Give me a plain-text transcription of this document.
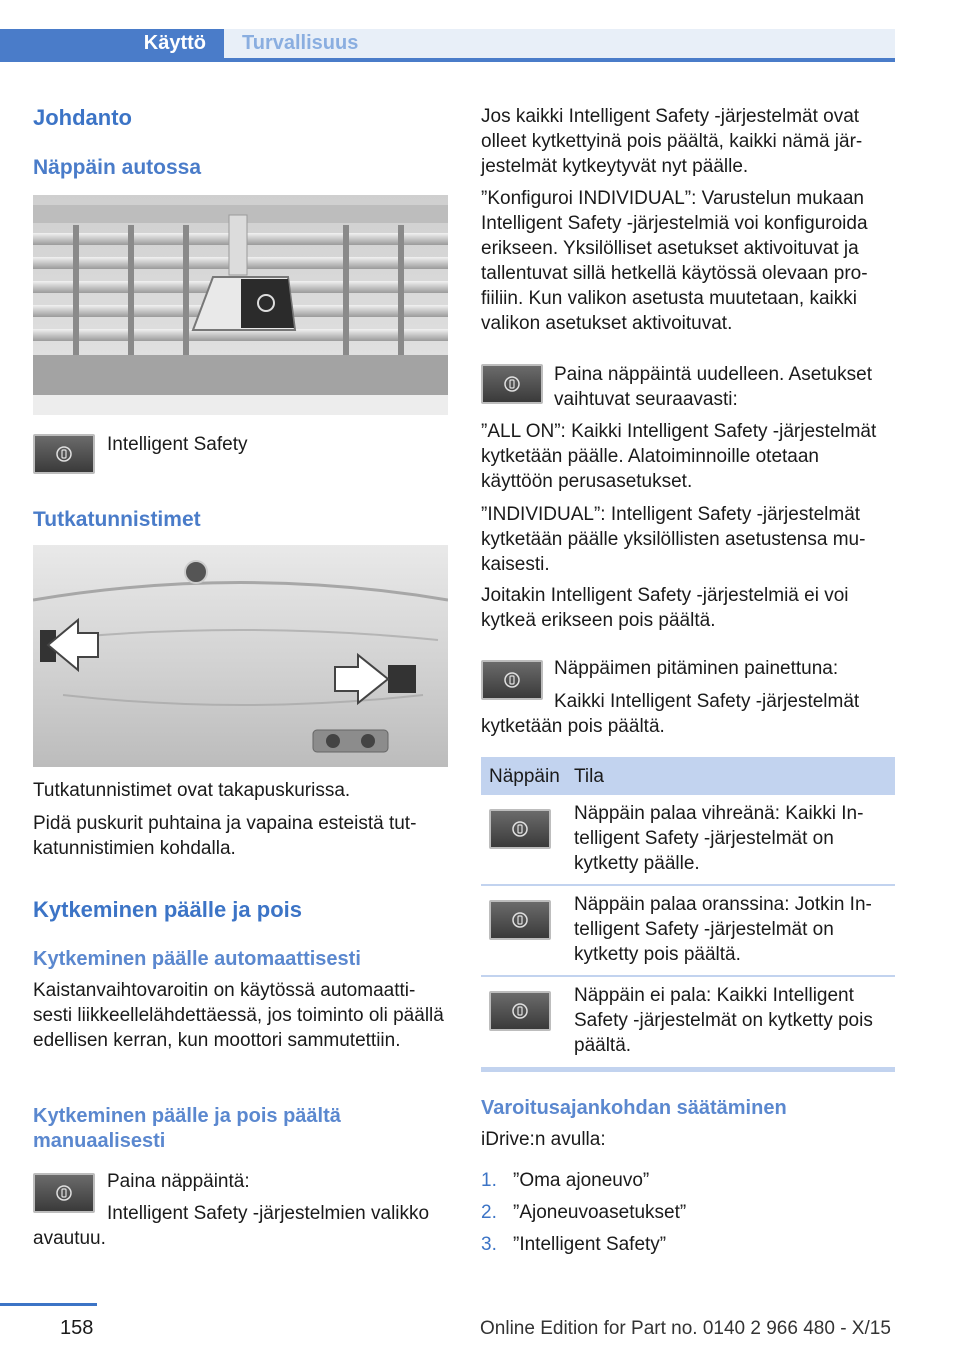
Käyttö	Turvallisuus
Johdanto
Näppäin autossa
Intelligent Safety
Tutkatunnistimet

Tutkatunnistimet ovat takapuskurissa.

Pidä puskurit puhtaina ja vapaina esteistä tutkatunnistimien kohdalla.

Kytkeminen päälle ja pois
Kytkeminen päälle automaattisesti

Kaistanvaihtovaroitin on käytössä automaattisesti liikkeellelähdettäessä, jos toiminto oli päällä edellisen kerran, kun moottori sammutettiin.

Kytkeminen päälle ja pois päältä manuaalisesti

Paina näppäintä:

Intelligent Safety -järjestelmien valikko avautuu.

Jos kaikki Intelligent Safety -järjestelmät ovat olleet kytkettyinä pois päältä, kaikki nämä järjestelmät kytkeytyvät nyt päälle.

”Konfiguroi INDIVIDUAL”: Varustelun mukaan Intelligent Safety -järjestelmiä voi konfiguroida erikseen. Yksilölliset asetukset aktivoituvat ja tallentuvat sillä hetkellä käytössä olevaan profiiliin. Kun valikon asetusta muutetaan, kaikki valikon asetukset aktivoituvat.

Paina näppäintä uudelleen. Asetukset vaihtuvat seuraavasti:

”ALL ON”: Kaikki Intelligent Safety -järjestelmät kytketään päälle. Alatoiminnoille otetaan käyttöön perusasetukset.

”INDIVIDUAL”: Intelligent Safety -järjestelmät kytketään päälle yksilöllisten asetustensa mukaisesti.

Joitakin Intelligent Safety -järjestelmiä ei voi kytkeä erikseen pois päältä.

Näppäimen pitäminen painettuna:

Kaikki Intelligent Safety -järjestelmät kytketään pois päältä.

Näppäin	Tila

	Näppäin palaa vihreänä: Kaikki Intelligent Safety -järjestelmät on kytketty päälle.

	Näppäin palaa oranssina: Jotkin Intelligent Safety -järjestelmät on kytketty pois päältä.

	Näppäin ei pala: Kaikki Intelligent Safety -järjestelmät on kytketty pois päältä.
Varoitusajankohdan säätäminen

iDrive:n avulla:

1. ”Oma ajoneuvo”
2. ”Ajoneuvoasetukset”
3. ”Intelligent Safety”
158	Online Edition for Part no. 0140 2 966 480 - X/15
